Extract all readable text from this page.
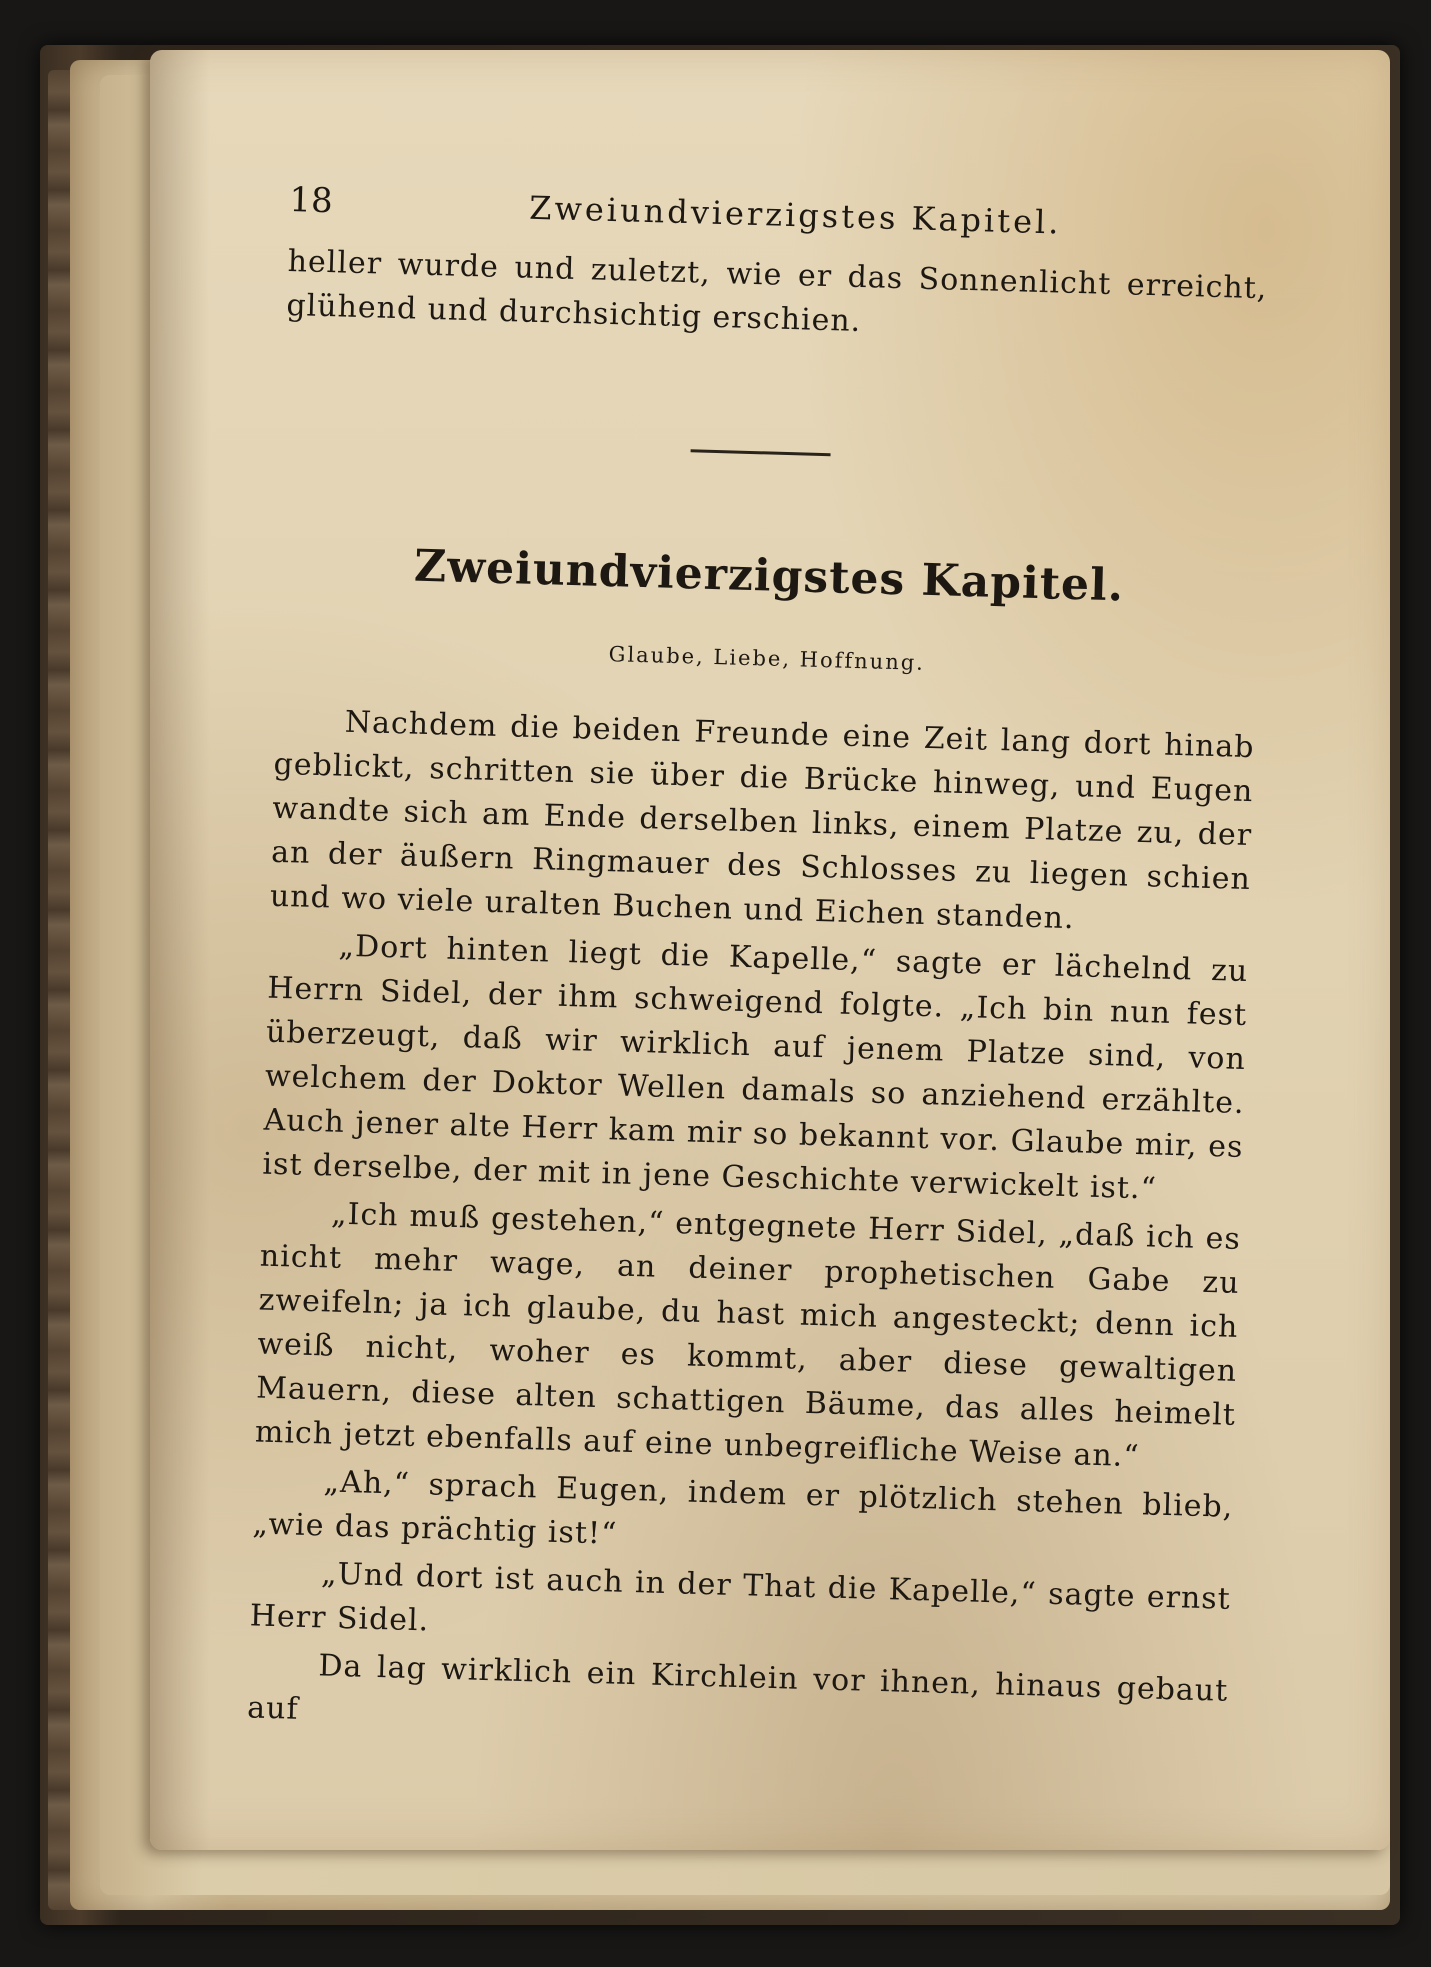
18	Zweiundvierzigstes Kapitel.

heller wurde und zuletzt, wie er das Sonnenlicht erreicht, glühend und durchsichtig erschien.

Zweiundvierzigstes Kapitel.
Glaube, Liebe, Hoffnung.

Nachdem die beiden Freunde eine Zeit lang dort hinab geblickt, schritten sie über die Brücke hinweg, und Eugen wandte sich am Ende derselben links, einem Platze zu, der an der äußern Ringmauer des Schlosses zu liegen schien und wo viele uralten Buchen und Eichen standen.

„Dort hinten liegt die Kapelle,“ sagte er lächelnd zu Herrn Sidel, der ihm schweigend folgte. „Ich bin nun fest überzeugt, daß wir wirklich auf jenem Platze sind, von welchem der Doktor Wellen damals so anziehend erzählte. Auch jener alte Herr kam mir so bekannt vor. Glaube mir, es ist derselbe, der mit in jene Geschichte verwickelt ist.“

„Ich muß gestehen,“ entgegnete Herr Sidel, „daß ich es nicht mehr wage, an deiner prophetischen Gabe zu zweifeln; ja ich glaube, du hast mich angesteckt; denn ich weiß nicht, woher es kommt, aber diese gewaltigen Mauern, diese alten schattigen Bäume, das alles heimelt mich jetzt ebenfalls auf eine unbegreifliche Weise an.“

„Ah,“ sprach Eugen, indem er plötzlich stehen blieb, „wie das prächtig ist!“

„Und dort ist auch in der That die Kapelle,“ sagte ernst Herr Sidel.

Da lag wirklich ein Kirchlein vor ihnen, hinaus gebaut auf
